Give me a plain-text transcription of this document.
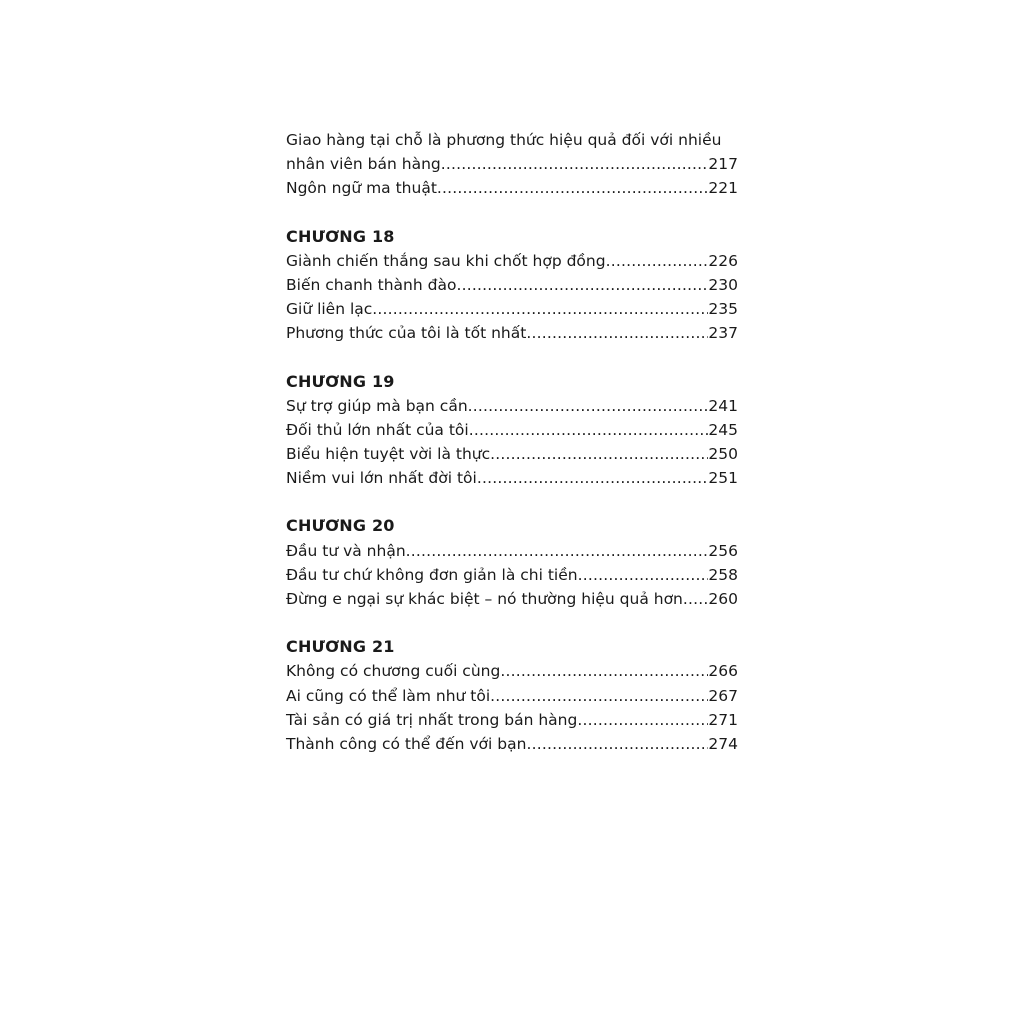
Giao hàng tại chỗ là phương thức hiệu quả đối với nhiều
nhân viên bán hàng .....	217
Ngôn ngữ ma thuật .....	221
CHƯƠNG 18
Giành chiến thắng sau khi chốt hợp đồng .....	226
Biến chanh thành đào .....	230
Giữ liên lạc .....	235
Phương thức của tôi là tốt nhất .....	237
CHƯƠNG 19
Sự trợ giúp mà bạn cần .....	241
Đối thủ lớn nhất của tôi .....	245
Biểu hiện tuyệt vời là thực .....	250
Niềm vui lớn nhất đời tôi .....	251
CHƯƠNG 20
Đầu tư và nhận .....	256
Đầu tư chứ không đơn giản là chi tiền .....	258
Đừng e ngại sự khác biệt – nó thường hiệu quả hơn ..... 260
CHƯƠNG 21
Không có chương cuối cùng .....	266
Ai cũng có thể làm như tôi .....	267
Tài sản có giá trị nhất trong bán hàng .....	271
Thành công có thể đến với bạn .....	274
